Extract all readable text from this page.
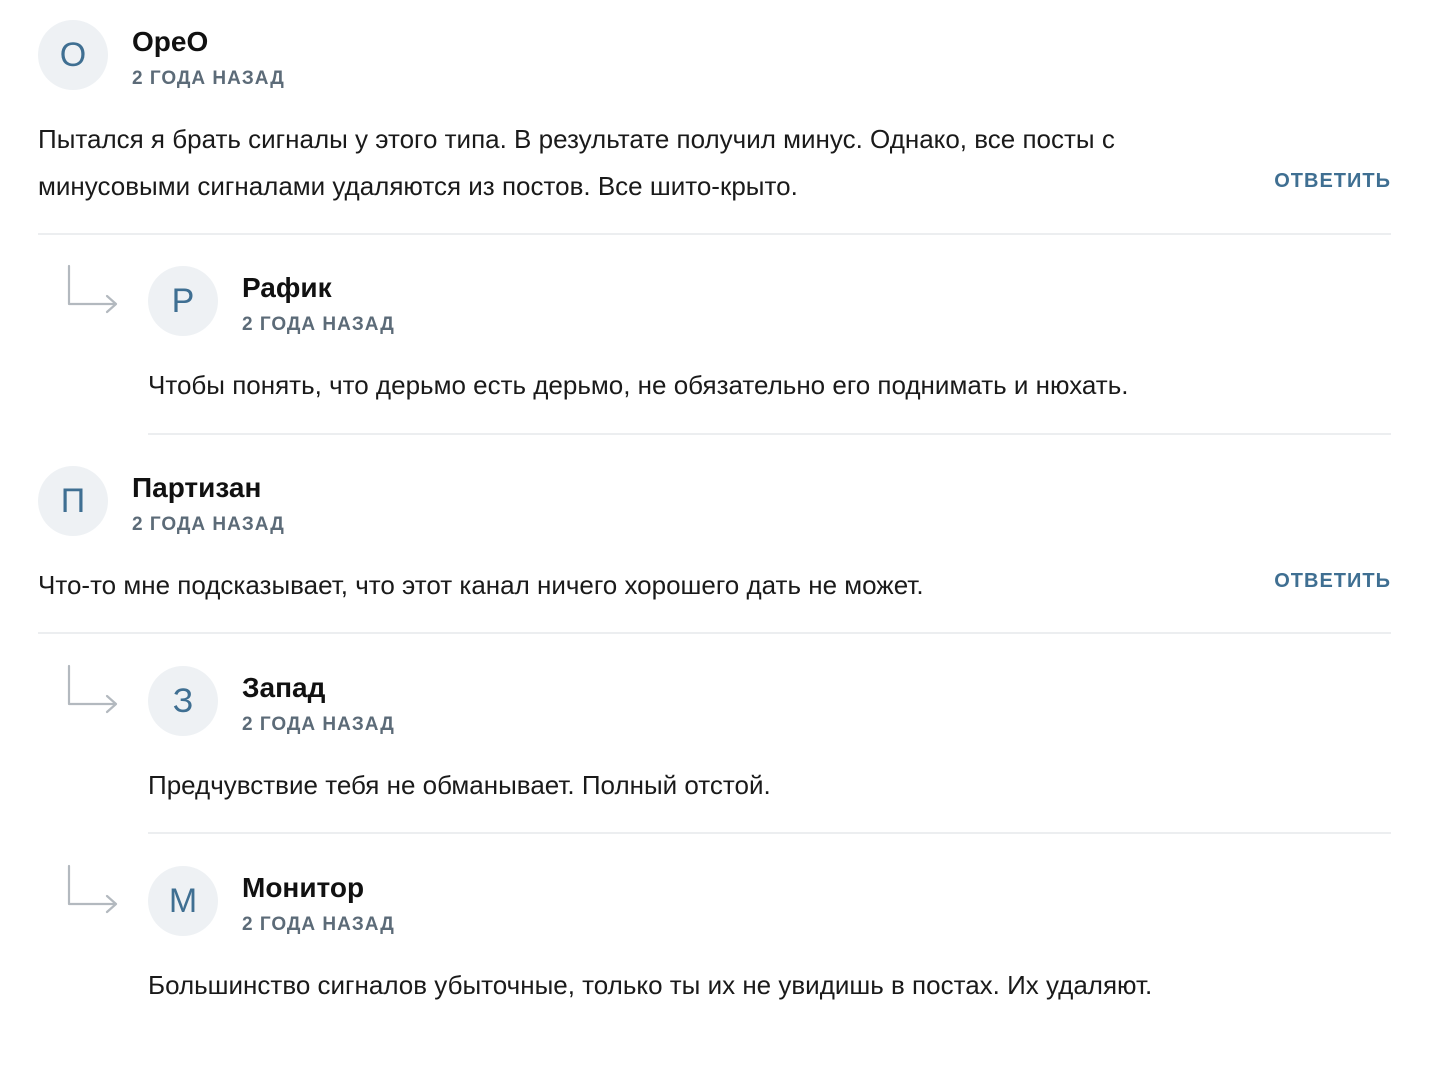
O	OpeO
2 ГОДА НАЗАД
Пытался я брать сигналы у этого типа. В результате получил минус. Однако, все посты с
минусовыми сигналами удаляются из постов. Все шито-крыто.	ОТВЕТИТЬ
Р	Рафик
2 ГОДА НАЗАД
Чтобы понять, что дерьмо есть дерьмо, не обязательно его поднимать и нюхать.
П	Партизан
2 ГОДА НАЗАД
Что-то мне подсказывает, что этот канал ничего хорошего дать не может.	ОТВЕТИТЬ
З	Запад
2 ГОДА НАЗАД
Предчувствие тебя не обманывает. Полный отстой.
M	Монитор
2 ГОДА НАЗАД
Большинство сигналов убыточные, только ты их не увидишь в постах. Их удаляют.
